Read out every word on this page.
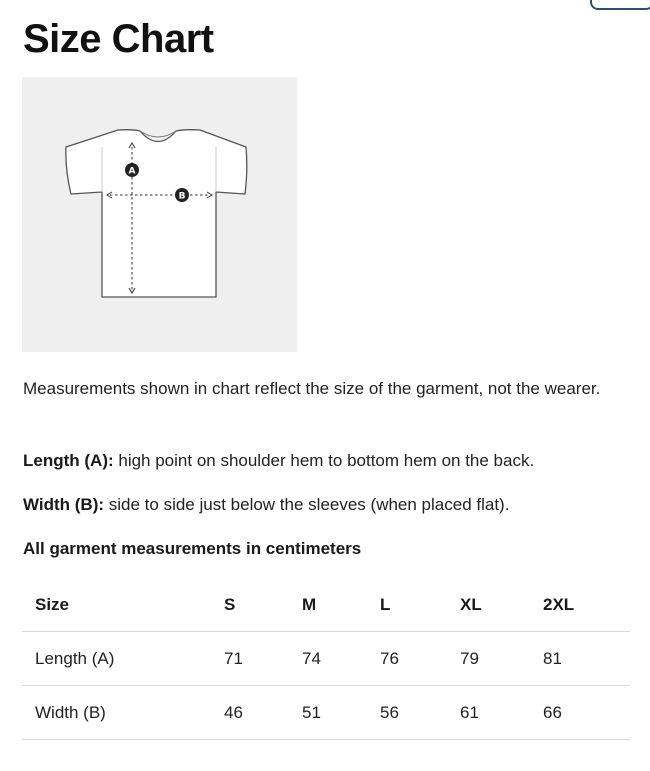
Size Chart
A
B

Measurements shown in chart reflect the size of the garment, not the wearer.

Length (A): high point on shoulder hem to bottom hem on the back.

Width (B): side to side just below the sleeves (when placed flat).

All garment measurements in centimeters

Size	S	M	L	XL	2XL
Length (A)	71	74	76	79	81
Width (B)	46	51	56	61	66
